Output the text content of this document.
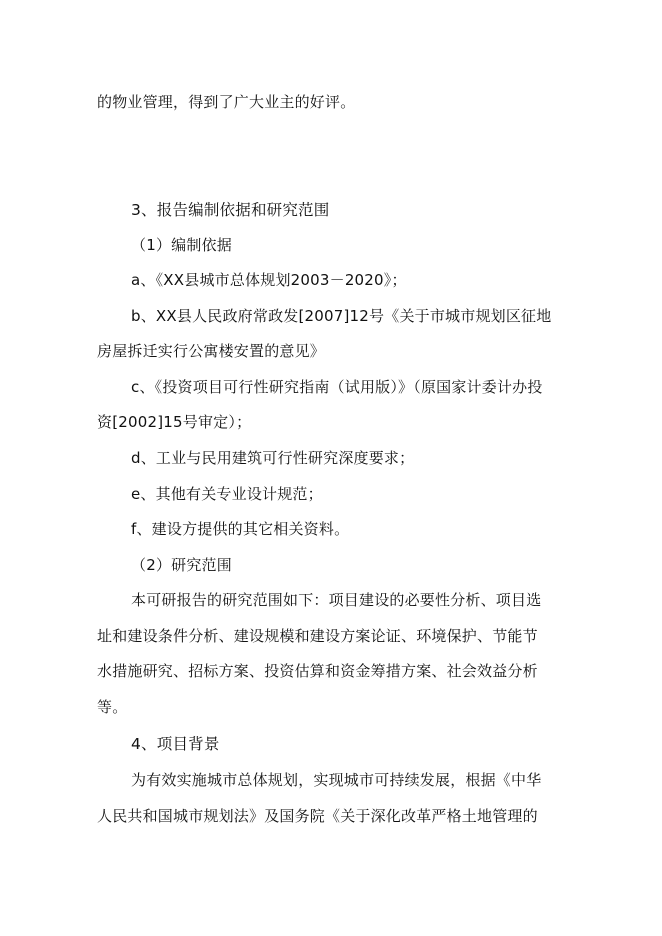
的物业管理，得到了广大业主的好评。
3、报告编制依据和研究范围
（1）编制依据
a、《XX县城市总体规划2003－2020》；
b、XX县人民政府常政发[2007]12号《关于市城市规划区征地
房屋拆迁实行公寓楼安置的意见》
c、《投资项目可行性研究指南（试用版）》（原国家计委计办投
资[2002]15号审定）；
d、工业与民用建筑可行性研究深度要求；
e、其他有关专业设计规范；
f、建设方提供的其它相关资料。
（2）研究范围
本可研报告的研究范围如下：项目建设的必要性分析、项目选
址和建设条件分析、建设规模和建设方案论证、环境保护、节能节
水措施研究、招标方案、投资估算和资金筹措方案、社会效益分析
等。
4、项目背景
为有效实施城市总体规划，实现城市可持续发展，根据《中华
人民共和国城市规划法》及国务院《关于深化改革严格土地管理的
